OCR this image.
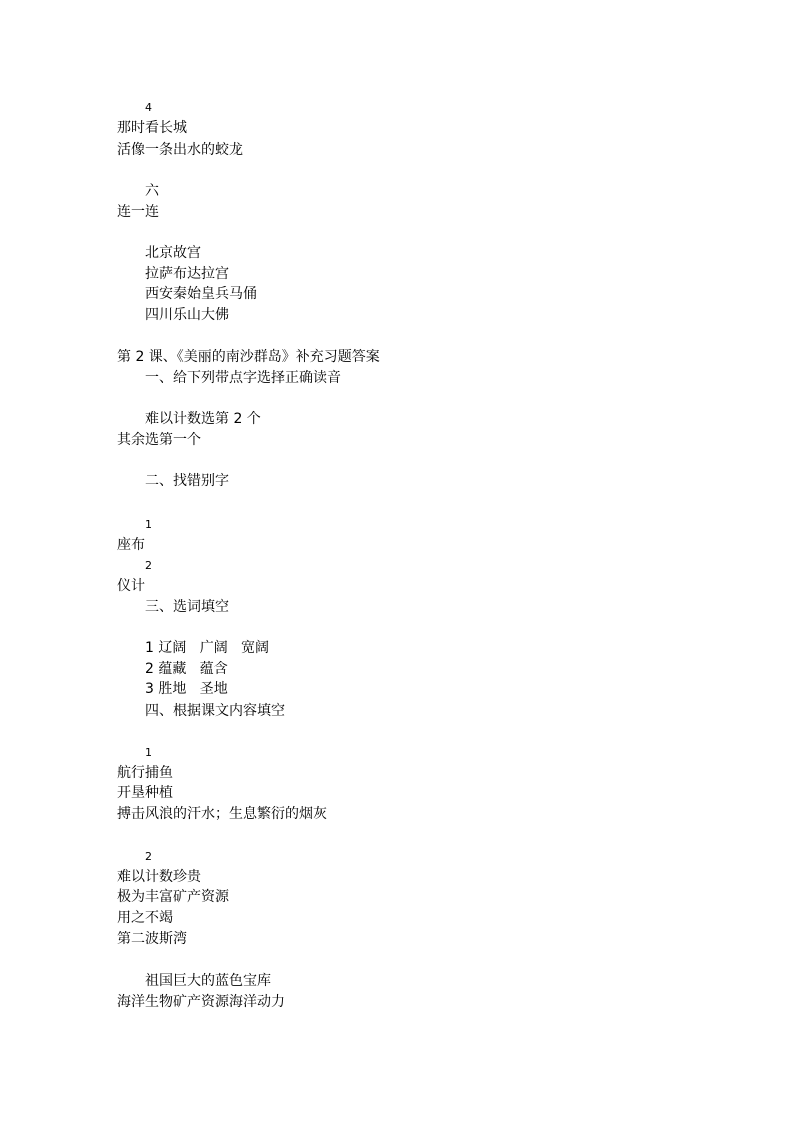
4
那时看长城
活像一条出水的蛟龙
六
连一连
北京故宫
拉萨布达拉宫
西安秦始皇兵马俑
四川乐山大佛
第 2 课、《美丽的南沙群岛》补充习题答案
一、给下列带点字选择正确读音
难以计数选第 2 个
其余选第一个
二、找错别字
1
座布
2
仪计
三、选词填空
1 辽阔   广阔   宽阔
2 蕴藏   蕴含
3 胜地   圣地
四、根据课文内容填空
1
航行捕鱼
开垦种植
搏击风浪的汗水；生息繁衍的烟灰
2
难以计数珍贵
极为丰富矿产资源
用之不竭
第二波斯湾
祖国巨大的蓝色宝库
海洋生物矿产资源海洋动力
